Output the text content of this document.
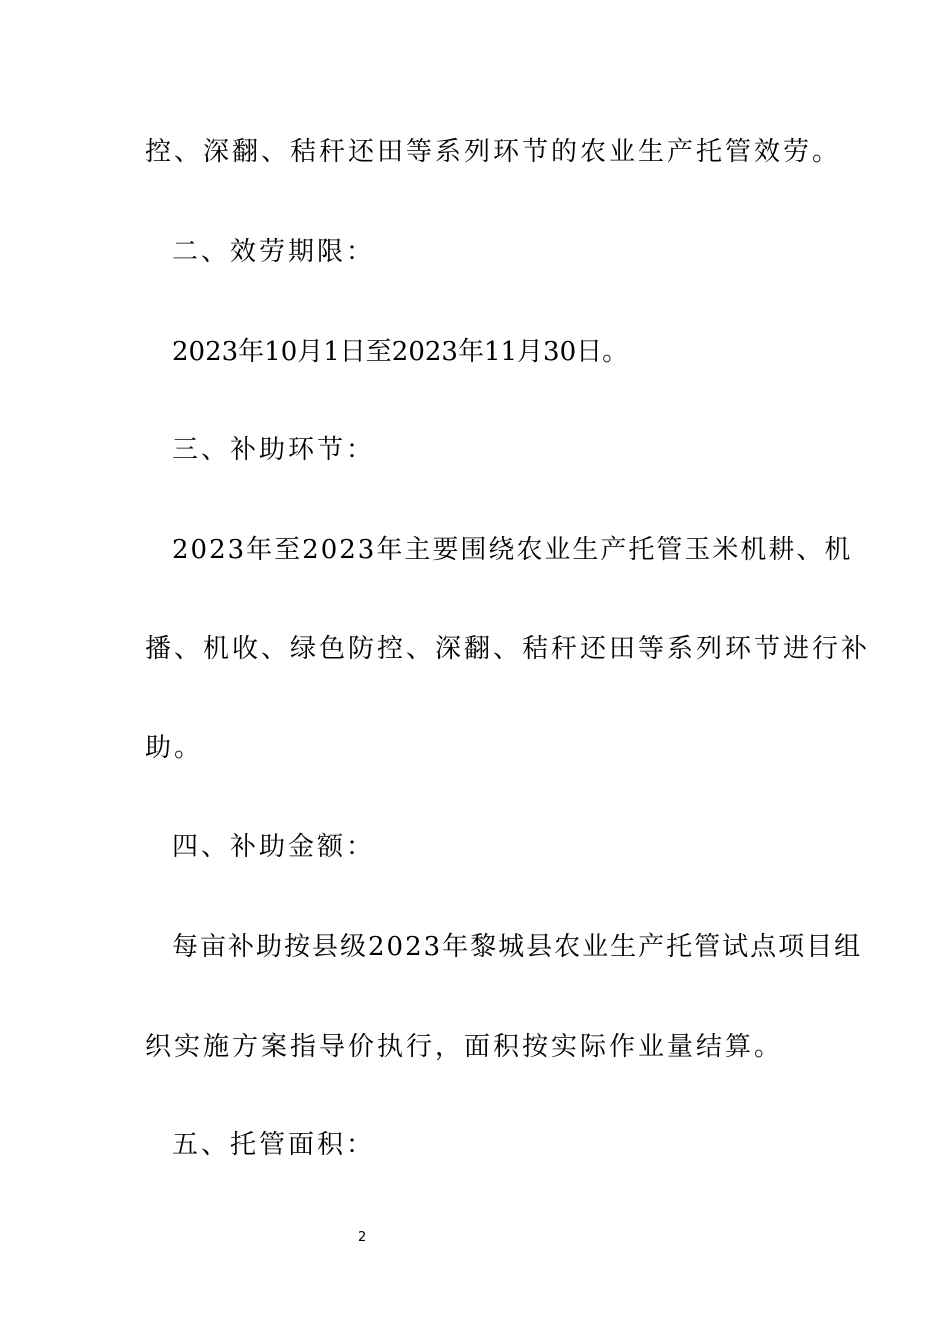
控、深翻、秸秆还田等系列环节的农业生产托管效劳。
二、效劳期限：
2023年10月1日至2023年11月30日。
三、补助环节：
2023年至2023年主要围绕农业生产托管玉米机耕、机
播、机收、绿色防控、深翻、秸秆还田等系列环节进行补
助。
四、补助金额：
每亩补助按县级2023年黎城县农业生产托管试点项目组
织实施方案指导价执行，面积按实际作业量结算。
五、托管面积：
2
